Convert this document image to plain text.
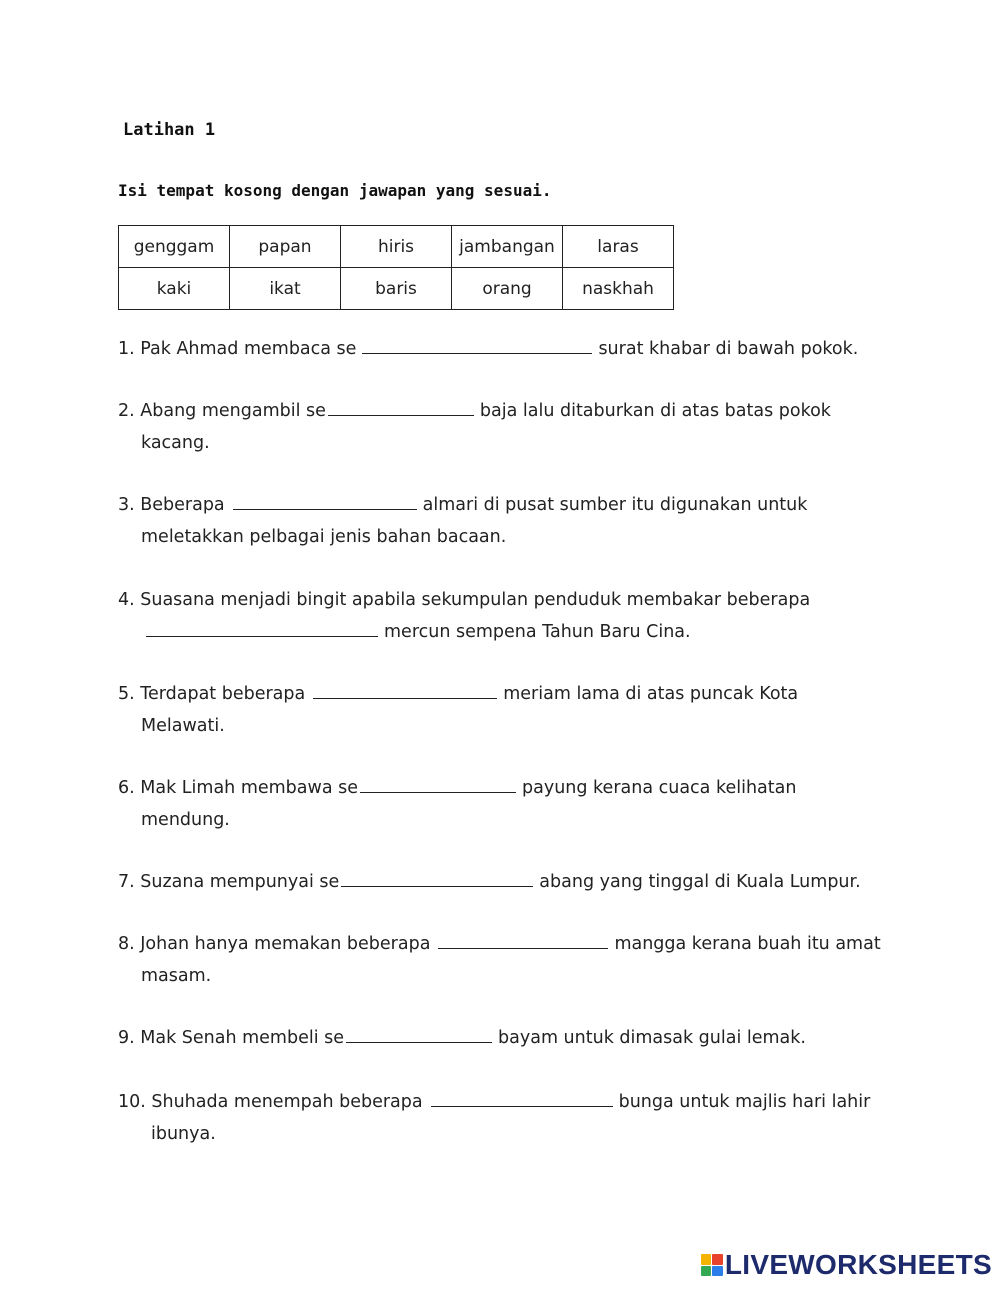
Latihan 1
Isi tempat kosong dengan jawapan yang sesuai.
genggam	papan	hiris	jambangan	laras
kaki	ikat	baris	orang	naskhah
1. Pak Ahmad membaca se	surat khabar di bawah pokok.
2. Abang mengambil se	baja lalu ditaburkan di atas batas pokok
kacang.
3. Beberapa	almari di pusat sumber itu digunakan untuk
meletakkan pelbagai jenis bahan bacaan.
4. Suasana menjadi bingit apabila sekumpulan penduduk membakar beberapa
mercun sempena Tahun Baru Cina.
5. Terdapat beberapa	meriam lama di atas puncak Kota
Melawati.
6. Mak Limah membawa se	payung kerana cuaca kelihatan
mendung.
7. Suzana mempunyai se	abang yang tinggal di Kuala Lumpur.
8. Johan hanya memakan beberapa	mangga kerana buah itu amat
masam.
9. Mak Senah membeli se	bayam untuk dimasak gulai lemak.
10. Shuhada menempah beberapa	bunga untuk majlis hari lahir
ibunya.
LIVEWORKSHEETS
